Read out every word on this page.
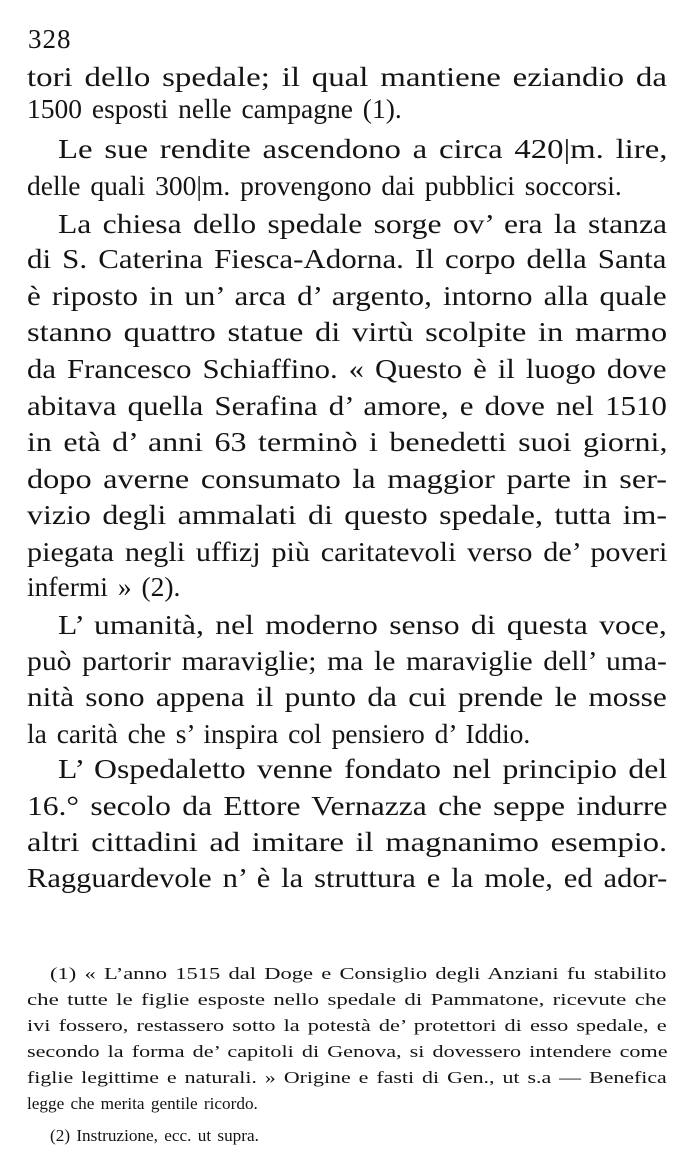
328
tori dello spedale; il qual mantiene eziandio da
1500 esposti nelle campagne (1).
Le sue rendite ascendono a circa 420|m. lire,
delle quali 300|m. provengono dai pubblici soccorsi.
La chiesa dello spedale sorge ov’ era la stanza
di S. Caterina Fiesca-Adorna. Il corpo della Santa
è riposto in un’ arca d’ argento, intorno alla quale
stanno quattro statue di virtù scolpite in marmo
da Francesco Schiaffino. « Questo è il luogo dove
abitava quella Serafina d’ amore, e dove nel 1510
in età d’ anni 63 terminò i benedetti suoi giorni,
dopo averne consumato la maggior parte in ser-
vizio degli ammalati di questo spedale, tutta im-
piegata negli uffizj più caritatevoli verso de’ poveri
infermi » (2).
L’ umanità, nel moderno senso di questa voce,
può partorir maraviglie; ma le maraviglie dell’ uma-
nità sono appena il punto da cui prende le mosse
la carità che s’ inspira col pensiero d’ Iddio.
L’ Ospedaletto venne fondato nel principio del
16.° secolo da Ettore Vernazza che seppe indurre
altri cittadini ad imitare il magnanimo esempio.
Ragguardevole n’ è la struttura e la mole, ed ador-
(1) « L’anno 1515 dal Doge e Consiglio degli Anziani fu stabilito
che tutte le figlie esposte nello spedale di Pammatone, ricevute che
ivi fossero, restassero sotto la potestà de’ protettori di esso spedale, e
secondo la forma de’ capitoli di Genova, si dovessero intendere come
figlie legittime e naturali. » Origine e fasti di Gen., ut s.a — Benefica
legge che merita gentile ricordo.
(2) Instruzione, ecc. ut supra.
